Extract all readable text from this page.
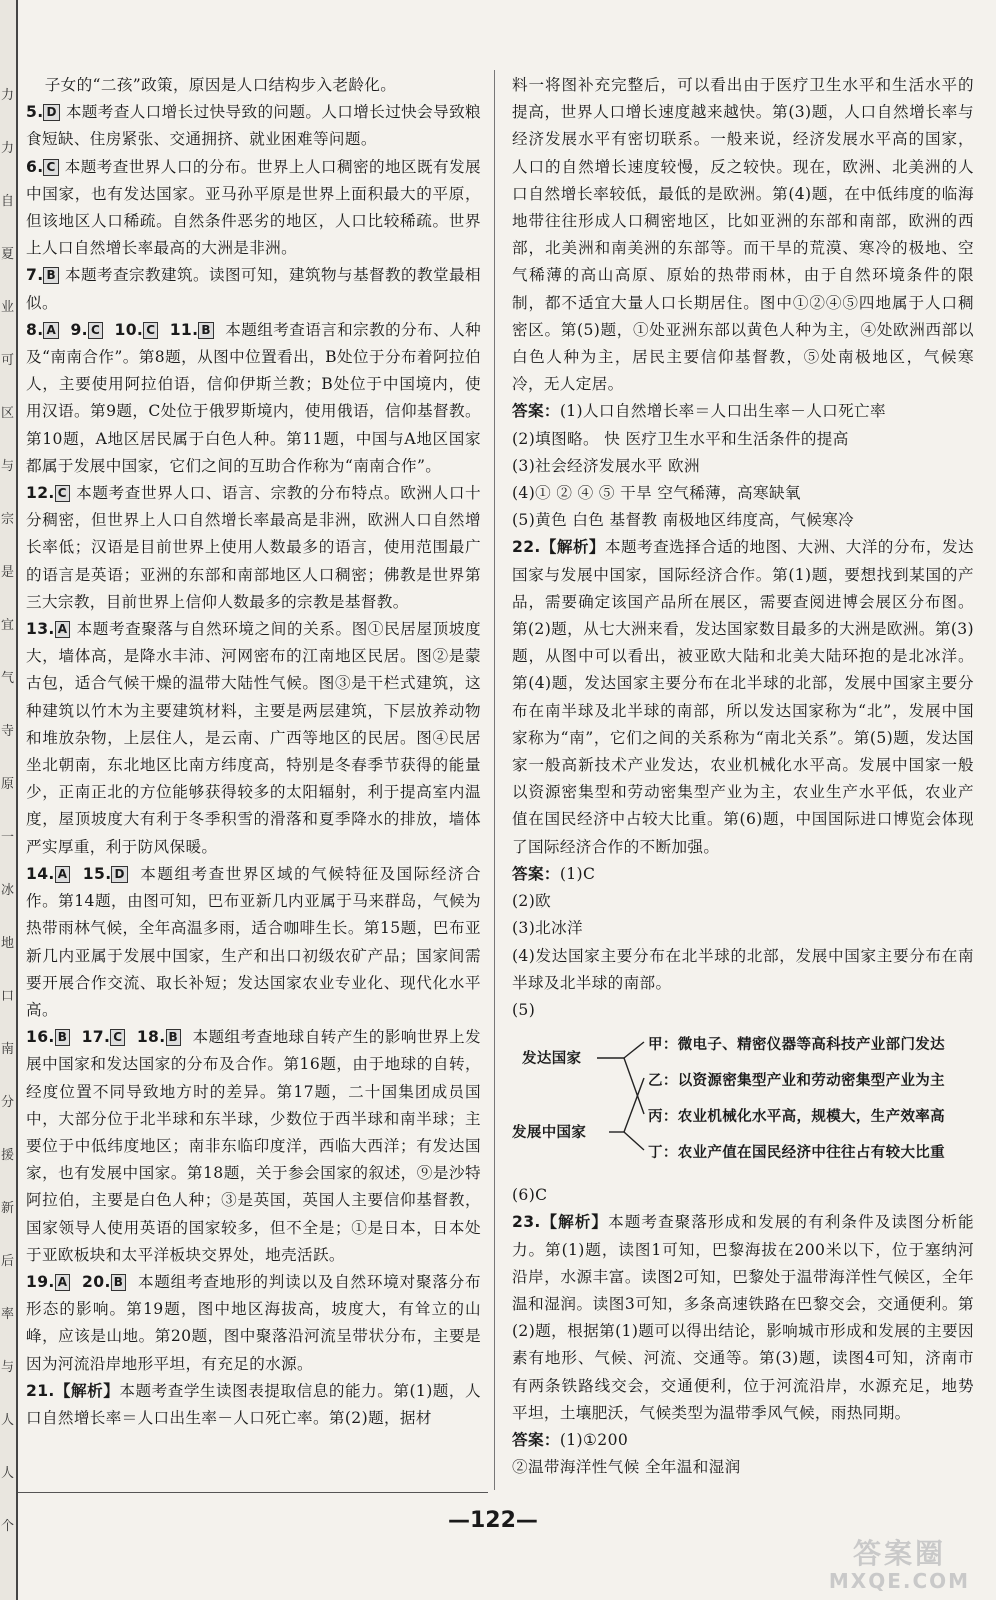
力
力
自
夏
业
可
区
与
宗
是
宜
气
寺
原
一
冰
地
口
南
分
援
新
后
率
与
人
人
个

子女的“二孩”政策，原因是人口结构步入老龄化。

5. D 本题考查人口增长过快导致的问题。人口增长过快会导致粮食短缺、住房紧张、交通拥挤、就业困难等问题。

6. C 本题考查世界人口的分布。世界上人口稠密的地区既有发展中国家，也有发达国家。亚马孙平原是世界上面积最大的平原，但该地区人口稀疏。自然条件恶劣的地区，人口比较稀疏。世界上人口自然增长率最高的大洲是非洲。

7. B 本题考查宗教建筑。读图可知，建筑物与基督教的教堂最相似。

8. A 9. C 10. C 11. B 本题组考查语言和宗教的分布、人种及“南南合作”。第8题，从图中位置看出，B处位于分布着阿拉伯人，主要使用阿拉伯语，信仰伊斯兰教；B处位于中国境内，使用汉语。第9题，C处位于俄罗斯境内，使用俄语，信仰基督教。第10题，A地区居民属于白色人种。第11题，中国与A地区国家都属于发展中国家，它们之间的互助合作称为“南南合作”。

12. C 本题考查世界人口、语言、宗教的分布特点。欧洲人口十分稠密，但世界上人口自然增长率最高是非洲，欧洲人口自然增长率低；汉语是目前世界上使用人数最多的语言，使用范围最广的语言是英语；亚洲的东部和南部地区人口稠密；佛教是世界第三大宗教，目前世界上信仰人数最多的宗教是基督教。

13. A 本题考查聚落与自然环境之间的关系。图①民居屋顶坡度大，墙体高，是降水丰沛、河网密布的江南地区民居。图②是蒙古包，适合气候干燥的温带大陆性气候。图③是干栏式建筑，这种建筑以竹木为主要建筑材料，主要是两层建筑，下层放养动物和堆放杂物，上层住人，是云南、广西等地区的民居。图④民居坐北朝南，东北地区比南方纬度高，特别是冬春季节获得的能量少，正南正北的方位能够获得较多的太阳辐射，利于提高室内温度，屋顶坡度大有利于冬季积雪的滑落和夏季降水的排放，墙体严实厚重，利于防风保暖。

14. A 15. D 本题组考查世界区域的气候特征及国际经济合作。第14题，由图可知，巴布亚新几内亚属于马来群岛，气候为热带雨林气候，全年高温多雨，适合咖啡生长。第15题，巴布亚新几内亚属于发展中国家，生产和出口初级农矿产品；国家间需要开展合作交流、取长补短；发达国家农业专业化、现代化水平高。

16. B 17. C 18. B 本题组考查地球自转产生的影响世界上发展中国家和发达国家的分布及合作。第16题，由于地球的自转，经度位置不同导致地方时的差异。第17题，二十国集团成员国中，大部分位于北半球和东半球，少数位于西半球和南半球；主要位于中低纬度地区；南非东临印度洋，西临大西洋；有发达国家，也有发展中国家。第18题，关于参会国家的叙述，⑨是沙特阿拉伯，主要是白色人种；③是英国，英国人主要信仰基督教，国家领导人使用英语的国家较多，但不全是；①是日本，日本处于亚欧板块和太平洋板块交界处，地壳活跃。

19. A 20. B 本题组考查地形的判读以及自然环境对聚落分布形态的影响。第19题，图中地区海拔高，坡度大，有耸立的山峰，应该是山地。第20题，图中聚落沿河流呈带状分布，主要是因为河流沿岸地形平坦，有充足的水源。

21.【解析】本题考查学生读图表提取信息的能力。第(1)题，人口自然增长率＝人口出生率－人口死亡率。第(2)题，据材

料一将图补充完整后，可以看出由于医疗卫生水平和生活水平的提高，世界人口增长速度越来越快。第(3)题，人口自然增长率与经济发展水平有密切联系。一般来说，经济发展水平高的国家，人口的自然增长速度较慢，反之较快。现在，欧洲、北美洲的人口自然增长率较低，最低的是欧洲。第(4)题，在中低纬度的临海地带往往形成人口稠密地区，比如亚洲的东部和南部，欧洲的西部，北美洲和南美洲的东部等。而干旱的荒漠、寒冷的极地、空气稀薄的高山高原、原始的热带雨林，由于自然环境条件的限制，都不适宜大量人口长期居住。图中①②④⑤四地属于人口稠密区。第(5)题，①处亚洲东部以黄色人种为主，④处欧洲西部以白色人种为主，居民主要信仰基督教，⑤处南极地区，气候寒冷，无人定居。

答案：(1)人口自然增长率＝人口出生率－人口死亡率

(2)填图略。 快 医疗卫生水平和生活条件的提高

(3)社会经济发展水平 欧洲

(4)① ② ④ ⑤ 干旱 空气稀薄，高寒缺氧

(5)黄色 白色 基督教 南极地区纬度高，气候寒冷

22.【解析】本题考查选择合适的地图、大洲、大洋的分布，发达国家与发展中国家，国际经济合作。第(1)题，要想找到某国的产品，需要确定该国产品所在展区，需要查阅进博会展区分布图。第(2)题，从七大洲来看，发达国家数目最多的大洲是欧洲。第(3)题，从图中可以看出，被亚欧大陆和北美大陆环抱的是北冰洋。第(4)题，发达国家主要分布在北半球的北部，发展中国家主要分布在南半球及北半球的南部，所以发达国家称为“北”，发展中国家称为“南”，它们之间的关系称为“南北关系”。第(5)题，发达国家一般高新技术产业发达，农业机械化水平高。发展中国家一般以资源密集型和劳动密集型产业为主，农业生产水平低，农业产值在国民经济中占较大比重。第(6)题，中国国际进口博览会体现了国际经济合作的不断加强。

答案：(1)C

(2)欧

(3)北冰洋

(4)发达国家主要分布在北半球的北部，发展中国家主要分布在南半球及北半球的南部。

(5)

发达国家
发展中国家
甲：微电子、精密仪器等高科技产业部门发达
乙：以资源密集型产业和劳动密集型产业为主
丙：农业机械化水平高，规模大，生产效率高
丁：农业产值在国民经济中往往占有较大比重

(6)C

23.【解析】本题考查聚落形成和发展的有利条件及读图分析能力。第(1)题，读图1可知，巴黎海拔在200米以下，位于塞纳河沿岸，水源丰富。读图2可知，巴黎处于温带海洋性气候区，全年温和湿润。读图3可知，多条高速铁路在巴黎交会，交通便利。第(2)题，根据第(1)题可以得出结论，影响城市形成和发展的主要因素有地形、气候、河流、交通等。第(3)题，读图4可知，济南市有两条铁路线交会，交通便利，位于河流沿岸，水源充足，地势平坦，土壤肥沃，气候类型为温带季风气候，雨热同期。

答案：(1)①200

②温带海洋性气候 全年温和湿润

—122—
答案圈
MXQE.COM
